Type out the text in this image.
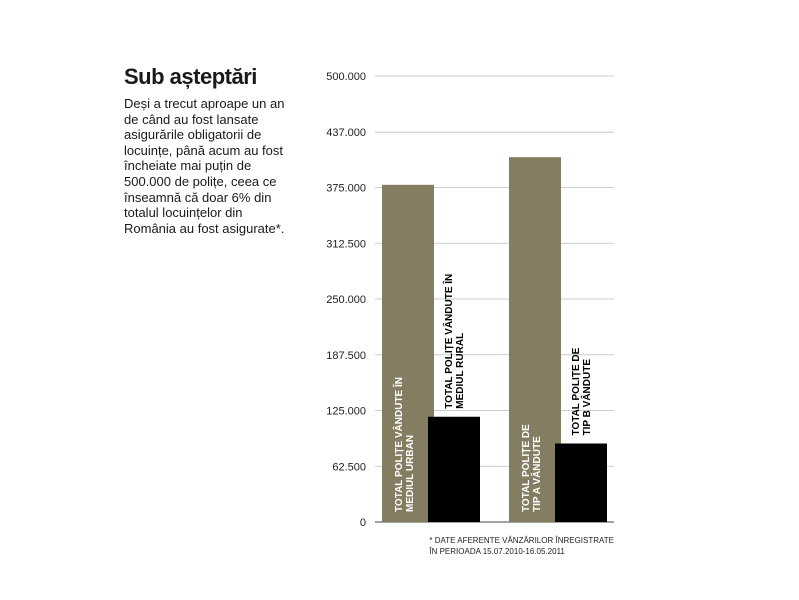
Sub așteptări

Deși a trecut aproape un an de când au fost lansate asigurările obligatorii de locuințe, până acum au fost încheiate mai puțin de 500.000 de polițe, ceea ce înseamnă că doar 6% din totalul locuințelor din România au fost asigurate*.

0
62.500
125.000
187.500
250.000
312.500
375.000
437.000
500.000
TOTAL POLIȚE VÂNDUTE ÎN MEDIUL URBAN
TOTAL POLIȚE VÂNDUTE ÎN MEDIUL RURAL
TOTAL POLIȚE DE TIP A VÂNDUTE
TOTAL POLIȚE DE TIP B VÂNDUTE
* DATE AFERENTE VÂNZĂRILOR ÎNREGISTRATE
ÎN PERIOADA 15.07.2010-16.05.2011
